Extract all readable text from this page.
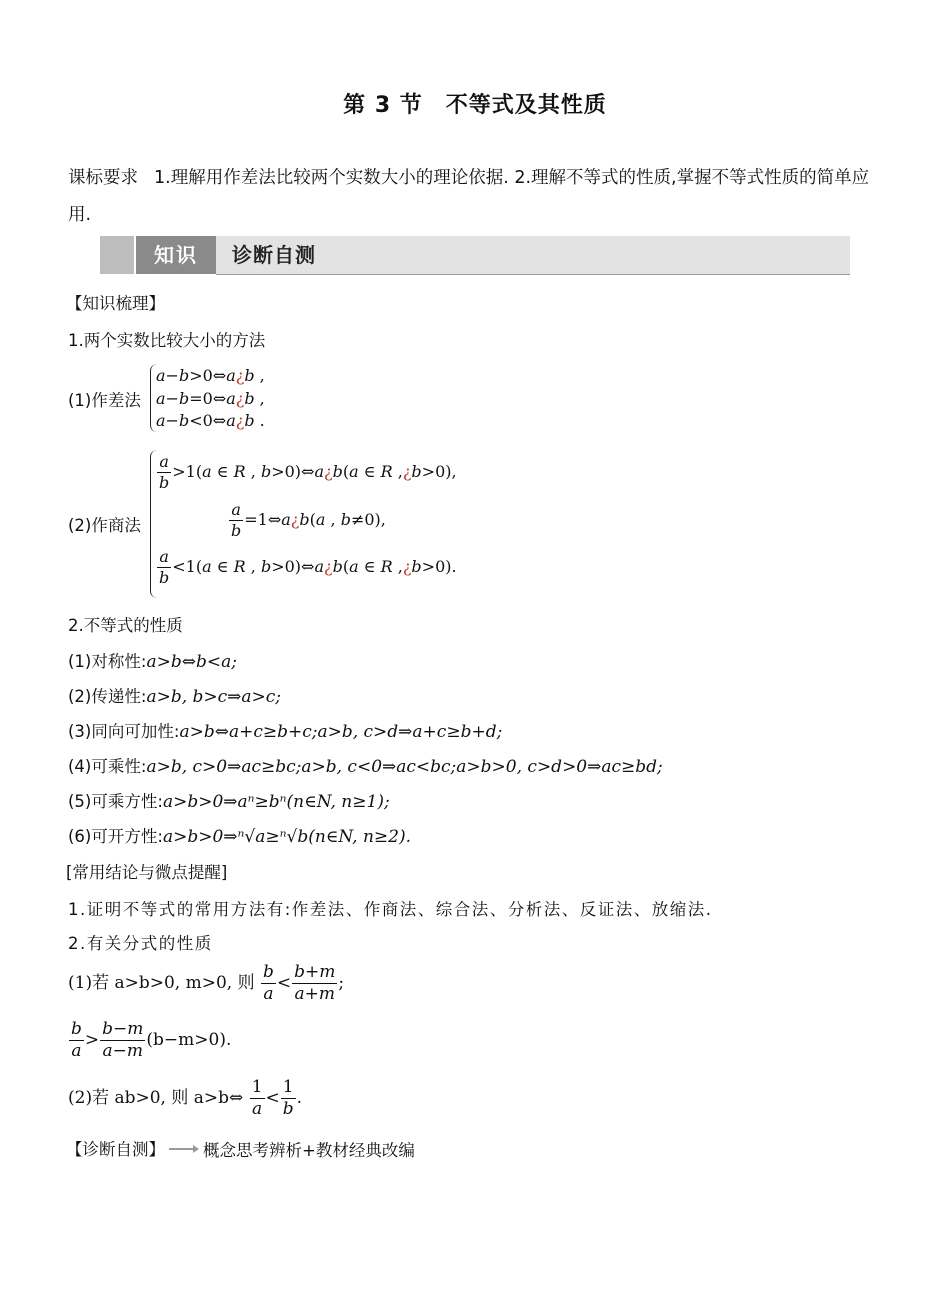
第 3 节　不等式及其性质
课标要求 1.理解用作差法比较两个实数大小的理论依据. 2.理解不等式的性质,掌握不等式性质的简单应用.
知识	诊断自测
【知识梳理】
1.两个实数比较大小的方法
(1)作差法
a−b>0⇔a¿b ,
a−b=0⇔a¿b ,
a−b<0⇔a¿b .
(2)作商法
$\frac{a}{b} >1(a$ ∈ R , b>0)⇔a¿b(a ∈ R ,¿b>0),
$\frac{a}{b}$ =1⇔a¿b(a , b≠0),
$\frac{a}{b} <1(a$ ∈ R , b>0)⇔a¿b(a ∈ R ,¿b>0).
2.不等式的性质
(1)对称性:a>b⇔b<a;
(2)传递性:a>b, b>c⇒a>c;
(3)同向可加性:a>b⇔a+c≥b+c;a>b, c>d⇒a+c≥b+d;
(4)可乘性:a>b, c>0⇒ac≥bc;a>b, c<0⇒ac<bc;a>b>0, c>d>0⇒ac≥bd;
(5)可乘方性:a>b>0⇒aⁿ≥bⁿ(n∈N, n≥1);
(6)可开方性:a>b>0⇒ⁿ√a≥ⁿ√b(n∈N, n≥2).
[常用结论与微点提醒]
1.证明不等式的常用方法有:作差法、作商法、综合法、分析法、反证法、放缩法.
2.有关分式的性质
(1)若 a>b>0, m>0, 则 $\frac{b}{a} < \frac{b+m}{a+m}$ ;
$\frac{b}{a} > \frac{b-m}{a-m} (b-m>0)$.
(2)若 ab>0, 则 a>b⇔ $\frac{1}{a} < \frac{1}{b}$ .
【诊断自测】 概念思考辨析+教材经典改编
